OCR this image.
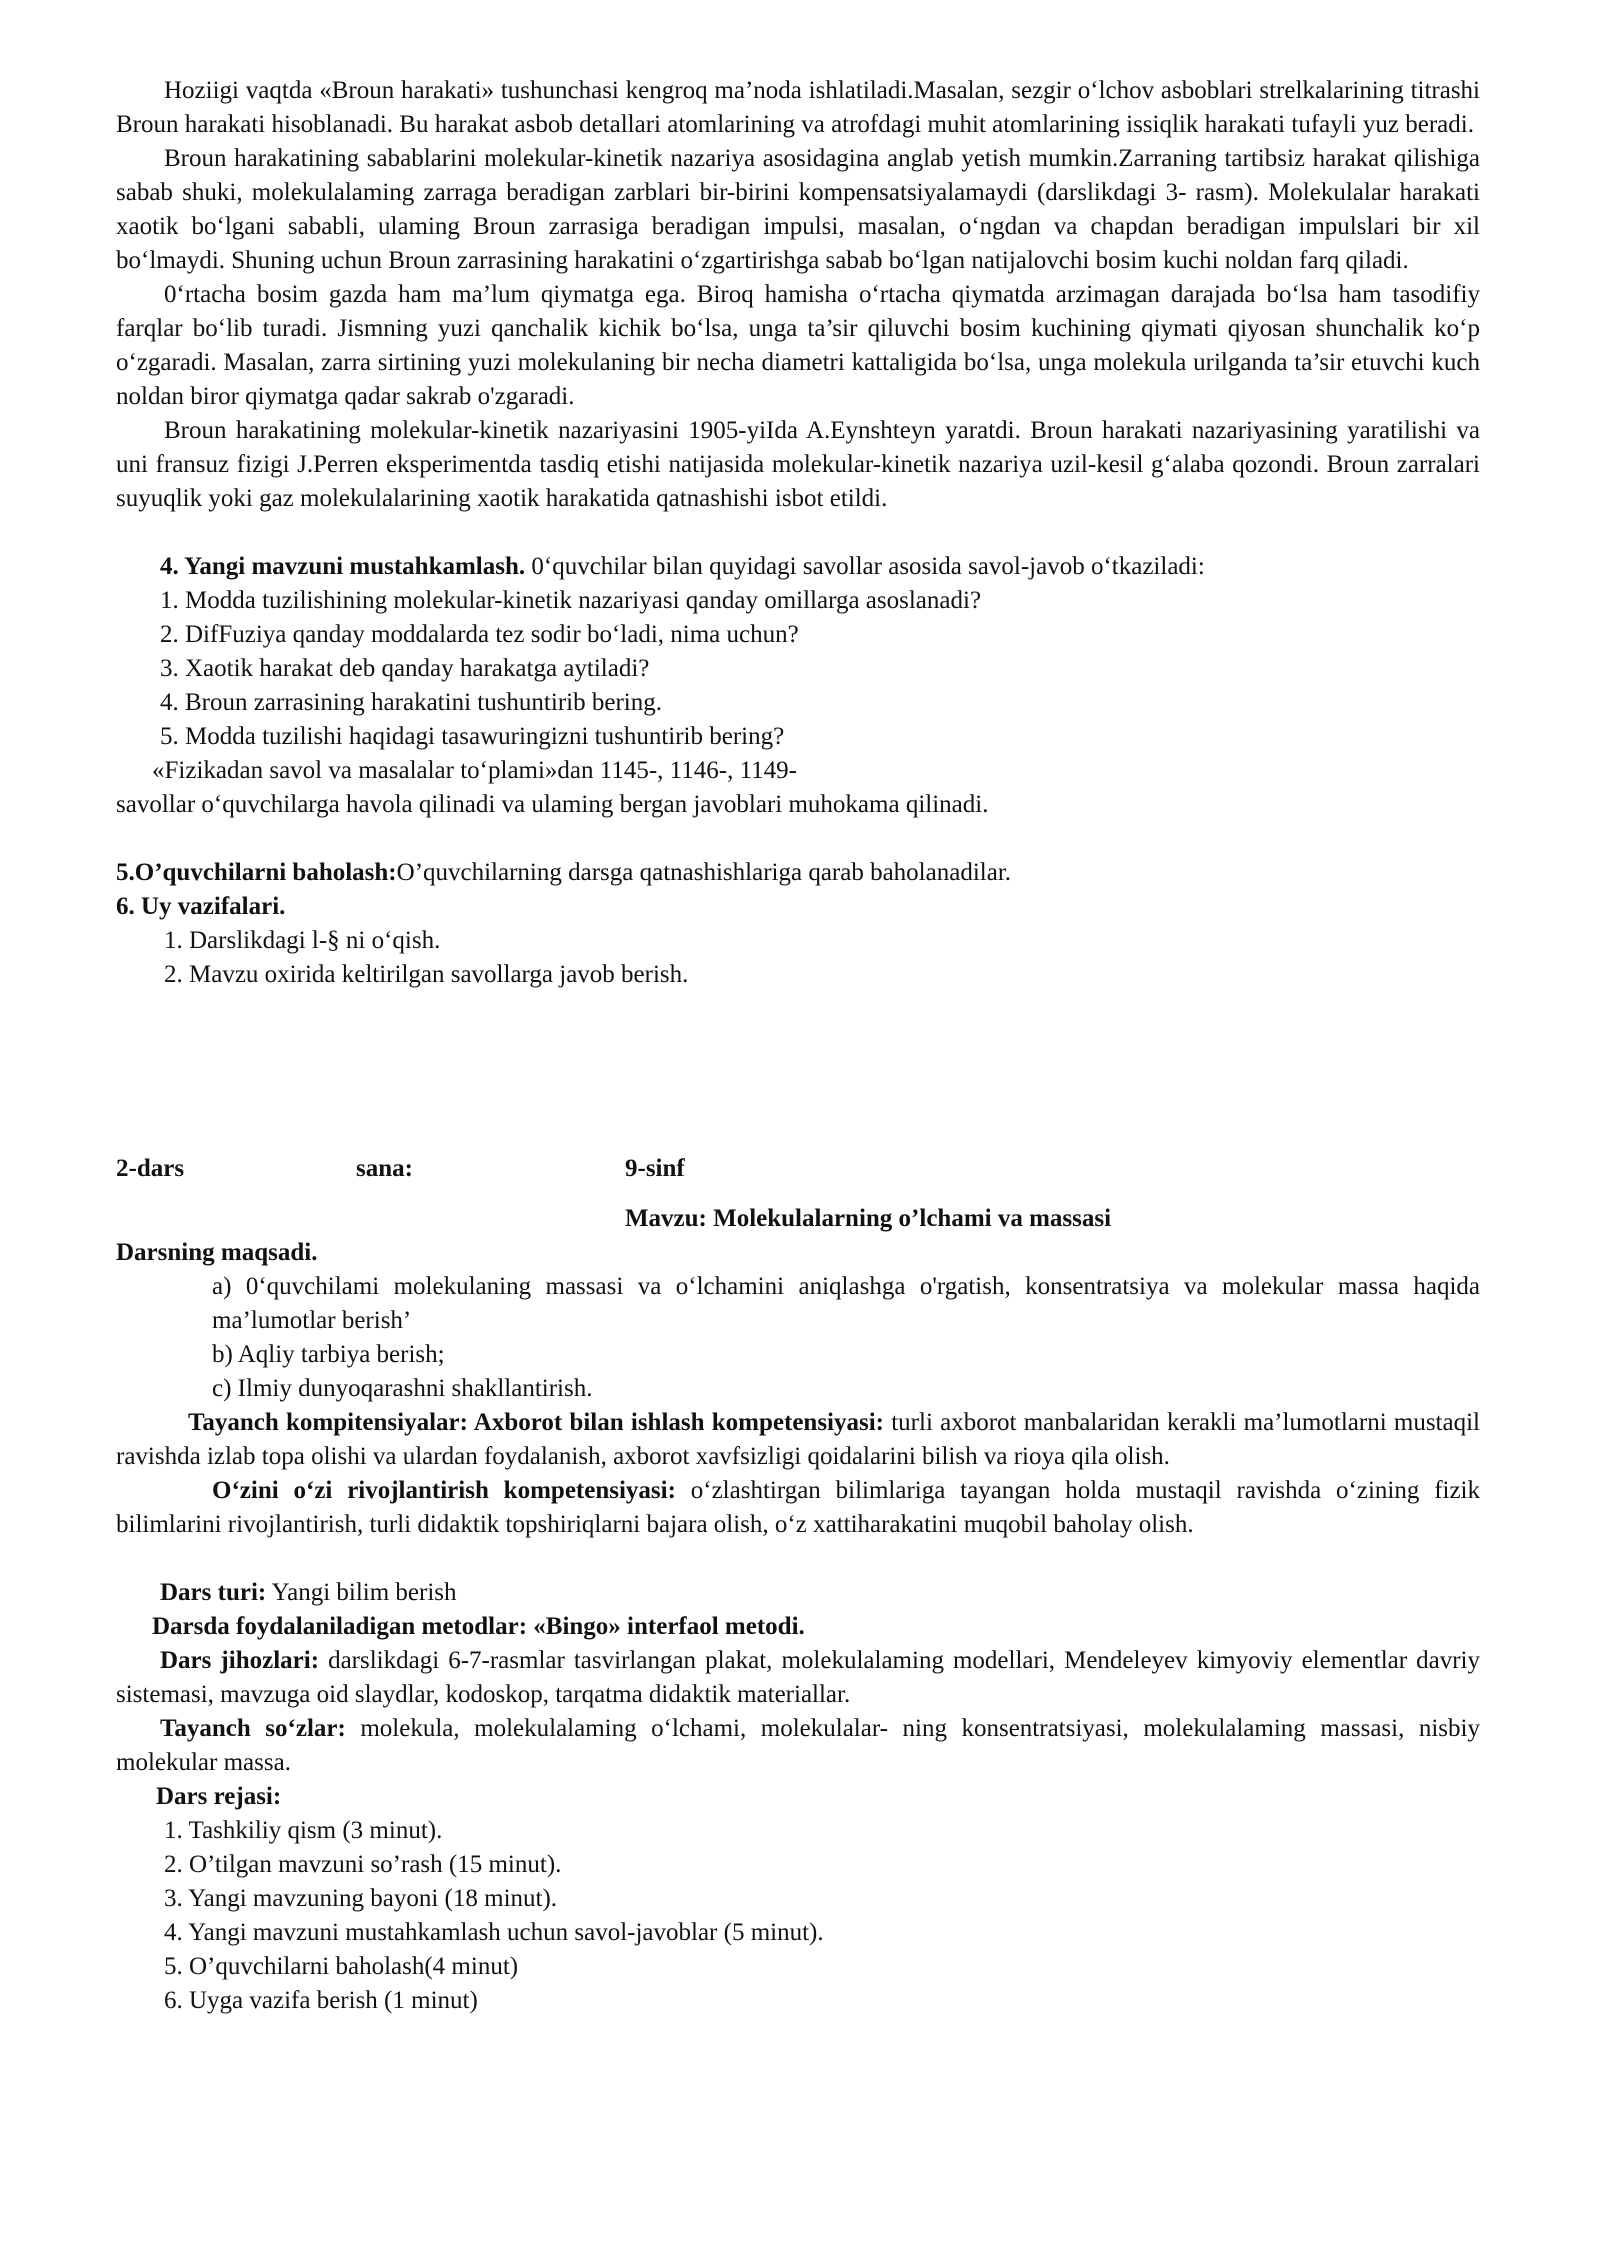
Hoziigi vaqtda «Broun harakati» tushunchasi kengroq ma’noda ishlatiladi.Masalan, sezgir o‘lchov asboblari strelkalarining titrashi Broun harakati hisoblanadi. Bu harakat asbob detallari atomlarining va atrofdagi muhit atomlarining issiqlik harakati tufayli yuz beradi.

Broun harakatining sabablarini molekular-kinetik nazariya asosidagina anglab yetish mumkin.Zarraning tartibsiz harakat qilishiga sabab shuki, molekulalaming zarraga beradigan zarblari bir-birini kompensatsiyalamaydi (darslikdagi 3- rasm). Molekulalar harakati xaotik bo‘lgani sababli, ulaming Broun zarrasiga beradigan impulsi, masalan, o‘ngdan va chapdan beradigan impulslari bir xil bo‘lmaydi. Shuning uchun Broun zarrasining harakatini o‘zgartirishga sabab bo‘lgan natijalovchi bosim kuchi noldan farq qiladi.

0‘rtacha bosim gazda ham ma’lum qiymatga ega. Biroq hamisha o‘rtacha qiymatda arzimagan darajada bo‘lsa ham tasodifiy farqlar bo‘lib turadi. Jismning yuzi qanchalik kichik bo‘lsa, unga ta’sir qiluvchi bosim kuchining qiymati qiyosan shunchalik ko‘p o‘zgaradi. Masalan, zarra sirtining yuzi molekulaning bir necha diametri kattaligida bo‘lsa, unga molekula urilganda ta’sir etuvchi kuch noldan biror qiymatga qadar sakrab o'zgaradi.

Broun harakatining molekular-kinetik nazariyasini 1905-yiIda A.Eynshteyn yaratdi. Broun harakati nazariyasining yaratilishi va uni fransuz fizigi J.Perren eksperimentda tasdiq etishi natijasida molekular-kinetik nazariya uzil-kesil g‘alaba qozondi. Broun zarralari suyuqlik yoki gaz molekulalarining xaotik harakatida qatnashishi isbot etildi.

4. Yangi mavzuni mustahkamlash. 0‘quvchilar bilan quyidagi savollar asosida savol-javob o‘tkaziladi:

1. Modda tuzilishining molekular-kinetik nazariyasi qanday omillarga asoslanadi?

2. DifFuziya qanday moddalarda tez sodir bo‘ladi, nima uchun?

3. Xaotik harakat deb qanday harakatga aytiladi?

4. Broun zarrasining harakatini tushuntirib bering.

5. Modda tuzilishi haqidagi tasawuringizni tushuntirib bering?

«Fizikadan savol va masalalar to‘plami»dan 1145-, 1146-, 1149-

savollar o‘quvchilarga havola qilinadi va ulaming bergan javoblari muhokama qilinadi.

5.O’quvchilarni baholash:O’quvchilarning darsga qatnashishlariga qarab baholanadilar.

6. Uy vazifalari.

1. Darslikdagi l-§ ni o‘qish.

2. Mavzu oxirida keltirilgan savollarga javob berish.

2-dars	sana:	9-sinf

Mavzu: Molekulalarning o’lchami va massasi

Darsning maqsadi.

a) 0‘quvchilami molekulaning massasi va o‘lchamini aniqlashga o'rgatish, konsentratsiya va molekular massa haqida ma’lumotlar berish’

b) Aqliy tarbiya berish;

c) Ilmiy dunyoqarashni shakllantirish.

Tayanch kompitensiyalar: Axborot bilan ishlash kompetensiyasi: turli axborot manbalaridan kerakli ma’lumotlarni mustaqil ravishda izlab topa olishi va ulardan foydalanish, axborot xavfsizligi qoidalarini bilish va rioya qila olish.

O‘zini o‘zi rivojlantirish kompetensiyasi: o‘zlashtirgan bilimlariga tayangan holda mustaqil ravishda o‘zining fizik bilimlarini rivojlantirish, turli didaktik topshiriqlarni bajara olish, o‘z xattiharakatini muqobil baholay olish.

Dars turi: Yangi bilim berish

Darsda foydalaniladigan metodlar: «Bingo» interfaol metodi.

Dars jihozlari: darslikdagi 6-7-rasmlar tasvirlangan plakat, molekulalaming modellari, Mendeleyev kimyoviy elementlar davriy sistemasi, mavzuga oid slaydlar, kodoskop, tarqatma didaktik materiallar.

Tayanch so‘zlar: molekula, molekulalaming o‘lchami, molekulalar- ning konsentratsiyasi, molekulalaming massasi, nisbiy molekular massa.

Dars rejasi:

1. Tashkiliy qism (3 minut).

2. O’tilgan mavzuni so’rash (15 minut).

3. Yangi mavzuning bayoni (18 minut).

4. Yangi mavzuni mustahkamlash uchun savol-javoblar (5 minut).

5. O’quvchilarni baholash(4 minut)

6. Uyga vazifa berish (1 minut)
